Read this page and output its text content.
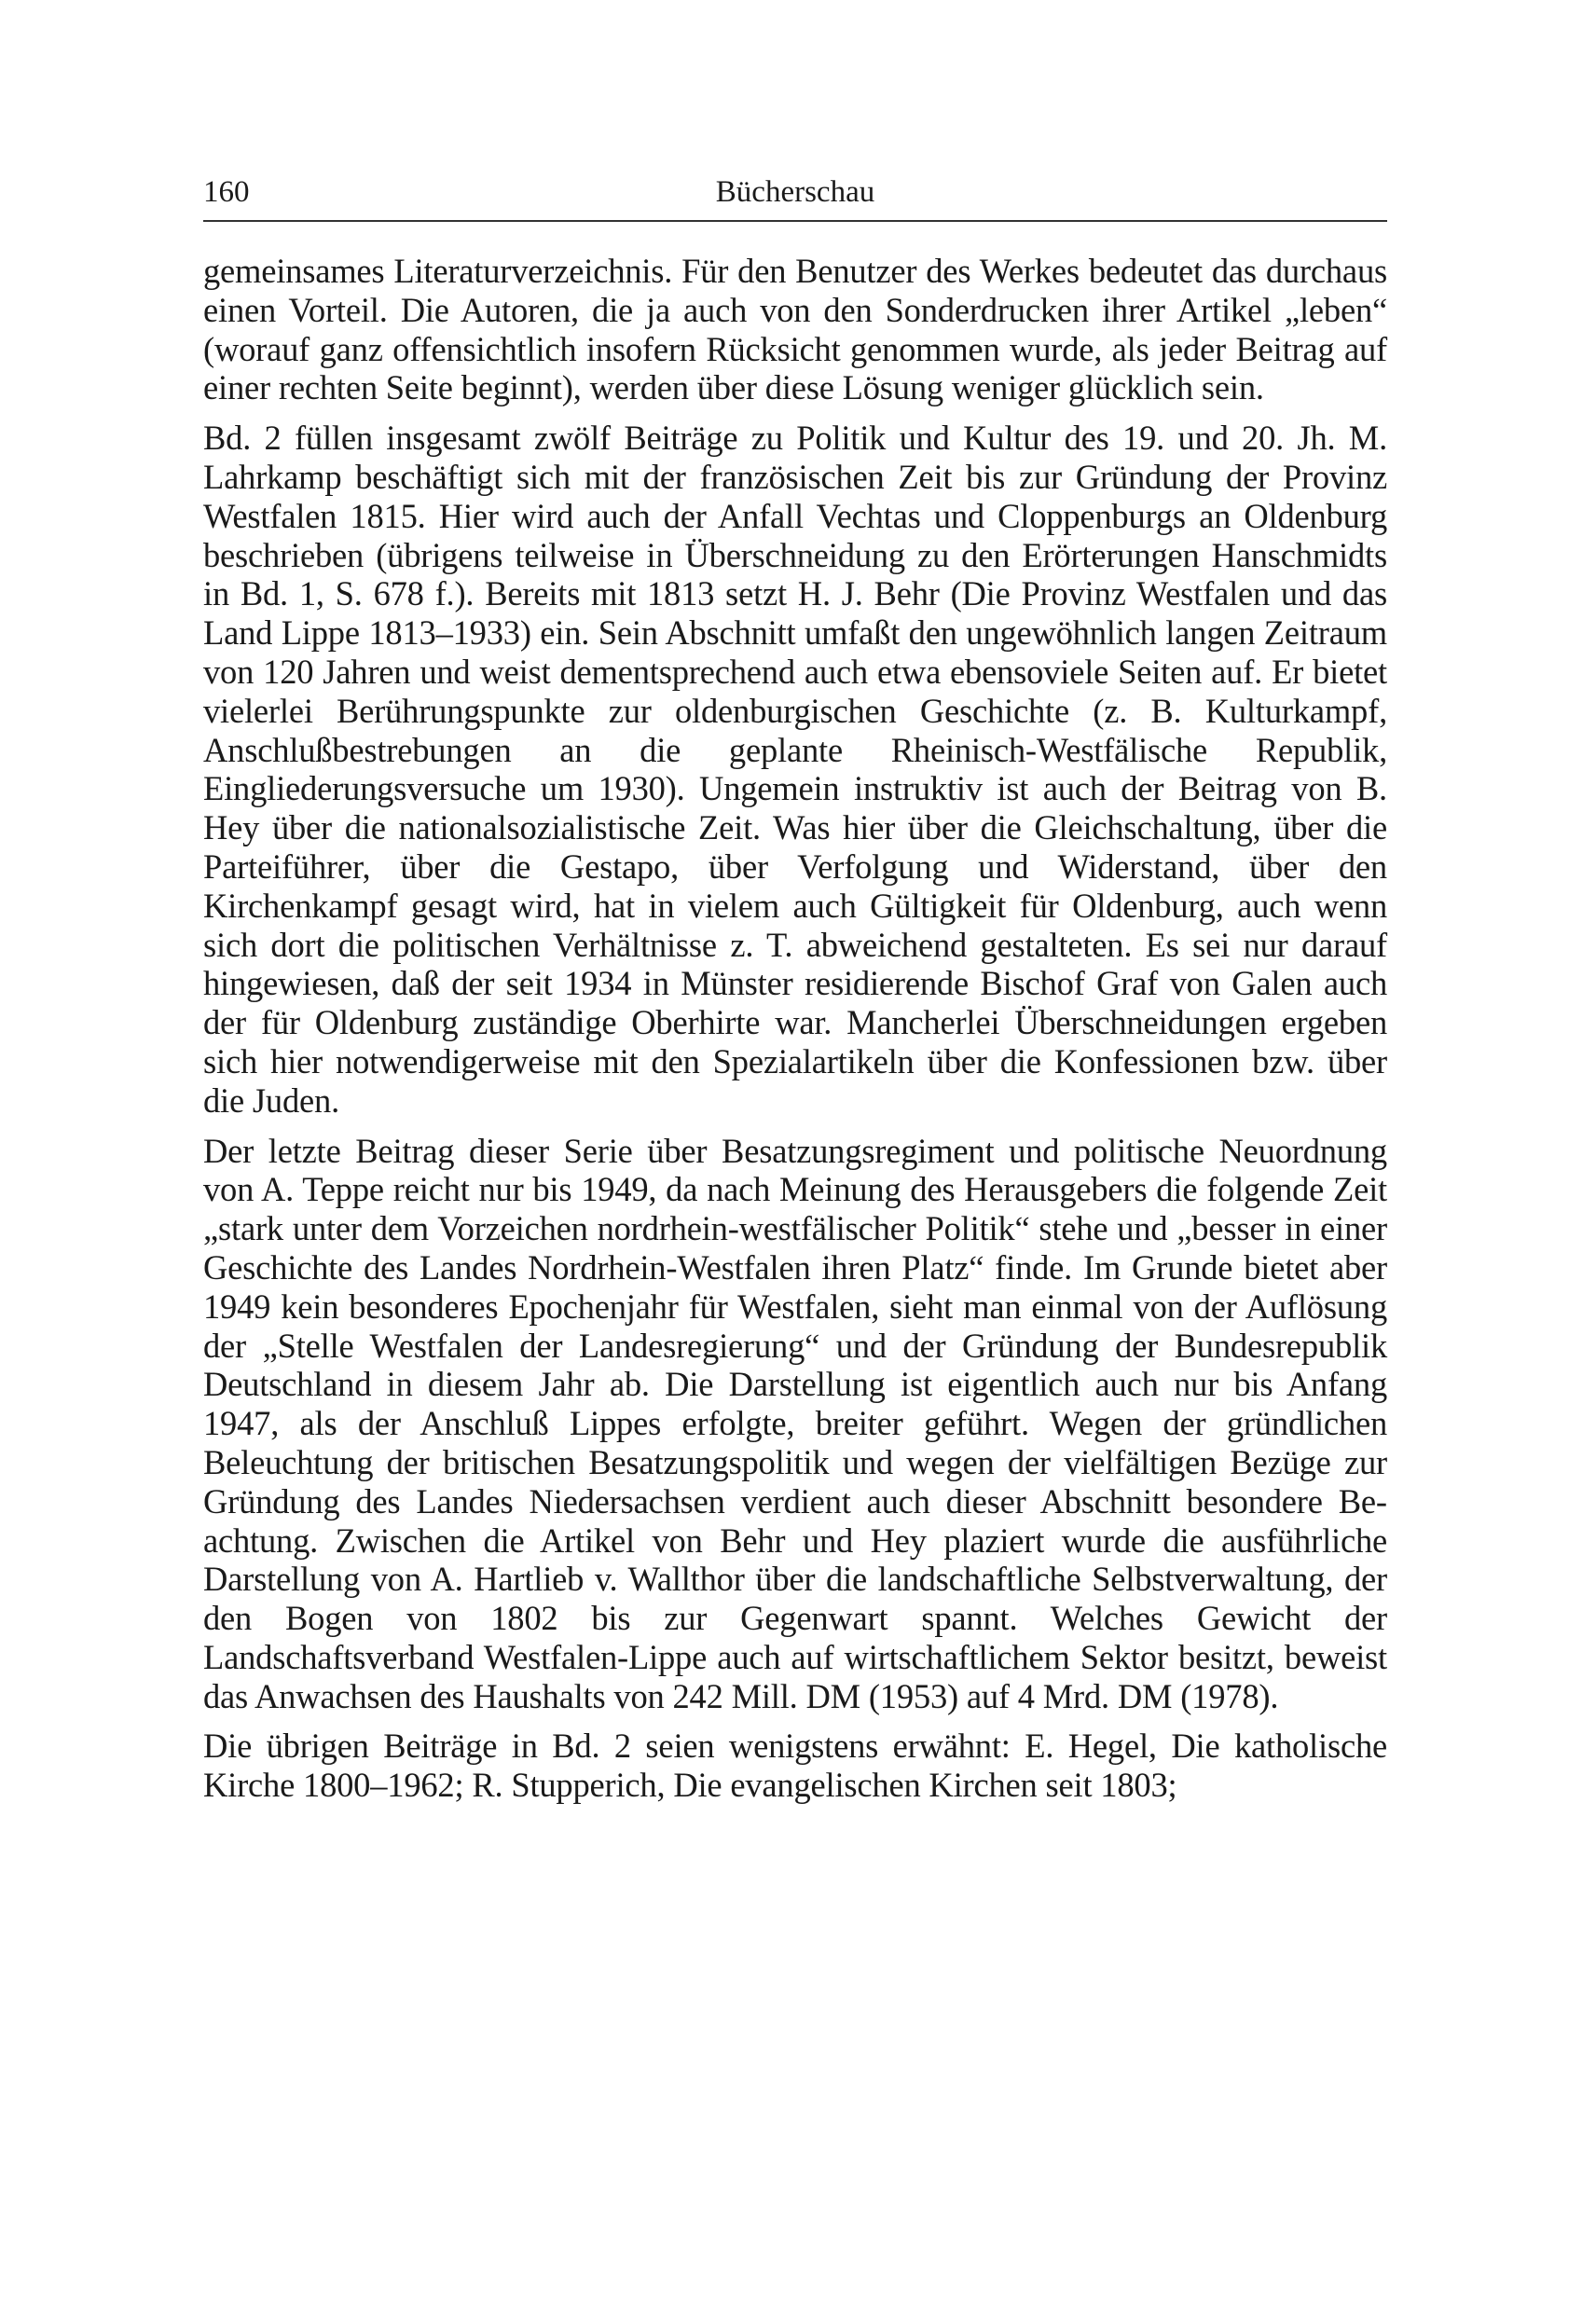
160	Bücherschau

gemeinsames Literaturverzeichnis. Für den Benutzer des Werkes bedeutet das durchaus einen Vorteil. Die Autoren, die ja auch von den Sonderdrucken ihrer Artikel „leben“ (worauf ganz offensichtlich insofern Rücksicht genommen wurde, als jeder Beitrag auf einer rechten Seite beginnt), werden über diese Lösung weniger glücklich sein.

Bd. 2 füllen insgesamt zwölf Beiträge zu Politik und Kultur des 19. und 20. Jh. M. Lahrkamp beschäftigt sich mit der französischen Zeit bis zur Gründung der Provinz Westfalen 1815. Hier wird auch der Anfall Vechtas und Cloppenburgs an Oldenburg beschrieben (übrigens teilweise in Überschneidung zu den Erörterungen Hanschmidts in Bd. 1, S. 678 f.). Bereits mit 1813 setzt H. J. Behr (Die Provinz Westfalen und das Land Lippe 1813–1933) ein. Sein Abschnitt umfaßt den ungewöhnlich langen Zeitraum von 120 Jahren und weist dementsprechend auch etwa ebensoviele Seiten auf. Er bietet vielerlei Berührungspunkte zur oldenburgischen Geschichte (z. B. Kulturkampf, Anschlußbestrebungen an die geplante Rheinisch-Westfälische Republik, Eingliederungsversuche um 1930). Ungemein instruktiv ist auch der Beitrag von B. Hey über die nationalsozialistische Zeit. Was hier über die Gleichschaltung, über die Parteiführer, über die Gestapo, über Verfolgung und Widerstand, über den Kirchenkampf gesagt wird, hat in vielem auch Gültigkeit für Oldenburg, auch wenn sich dort die politischen Verhältnisse z. T. abweichend gestalteten. Es sei nur darauf hingewiesen, daß der seit 1934 in Münster residierende Bischof Graf von Galen auch der für Oldenburg zuständige Oberhirte war. Mancherlei Überschneidungen ergeben sich hier notwendigerweise mit den Spezialartikeln über die Konfessionen bzw. über die Juden.

Der letzte Beitrag dieser Serie über Besatzungsregiment und politische Neuordnung von A. Teppe reicht nur bis 1949, da nach Meinung des Herausgebers die folgende Zeit „stark unter dem Vorzeichen nordrhein-westfälischer Politik“ stehe und „besser in einer Geschichte des Landes Nordrhein-Westfalen ihren Platz“ finde. Im Grunde bietet aber 1949 kein besonderes Epochenjahr für Westfalen, sieht man einmal von der Auflösung der „Stelle Westfalen der Landesregierung“ und der Gründung der Bundesrepublik Deutschland in diesem Jahr ab. Die Darstellung ist eigentlich auch nur bis Anfang 1947, als der Anschluß Lippes erfolgte, breiter geführt. Wegen der gründlichen Beleuchtung der britischen Besatzungspolitik und wegen der vielfältigen Bezüge zur Gründung des Landes Niedersachsen verdient auch dieser Abschnitt besondere Beachtung. Zwischen die Artikel von Behr und Hey plaziert wurde die ausführliche Darstellung von A. Hartlieb v. Wallthor über die landschaftliche Selbstverwaltung, der den Bogen von 1802 bis zur Gegenwart spannt. Welches Gewicht der Landschaftsverband Westfalen-Lippe auch auf wirtschaftlichem Sektor besitzt, beweist das Anwachsen des Haushalts von 242 Mill. DM (1953) auf 4 Mrd. DM (1978).

Die übrigen Beiträge in Bd. 2 seien wenigstens erwähnt: E. Hegel, Die katholische Kirche 1800–1962; R. Stupperich, Die evangelischen Kirchen seit 1803;
